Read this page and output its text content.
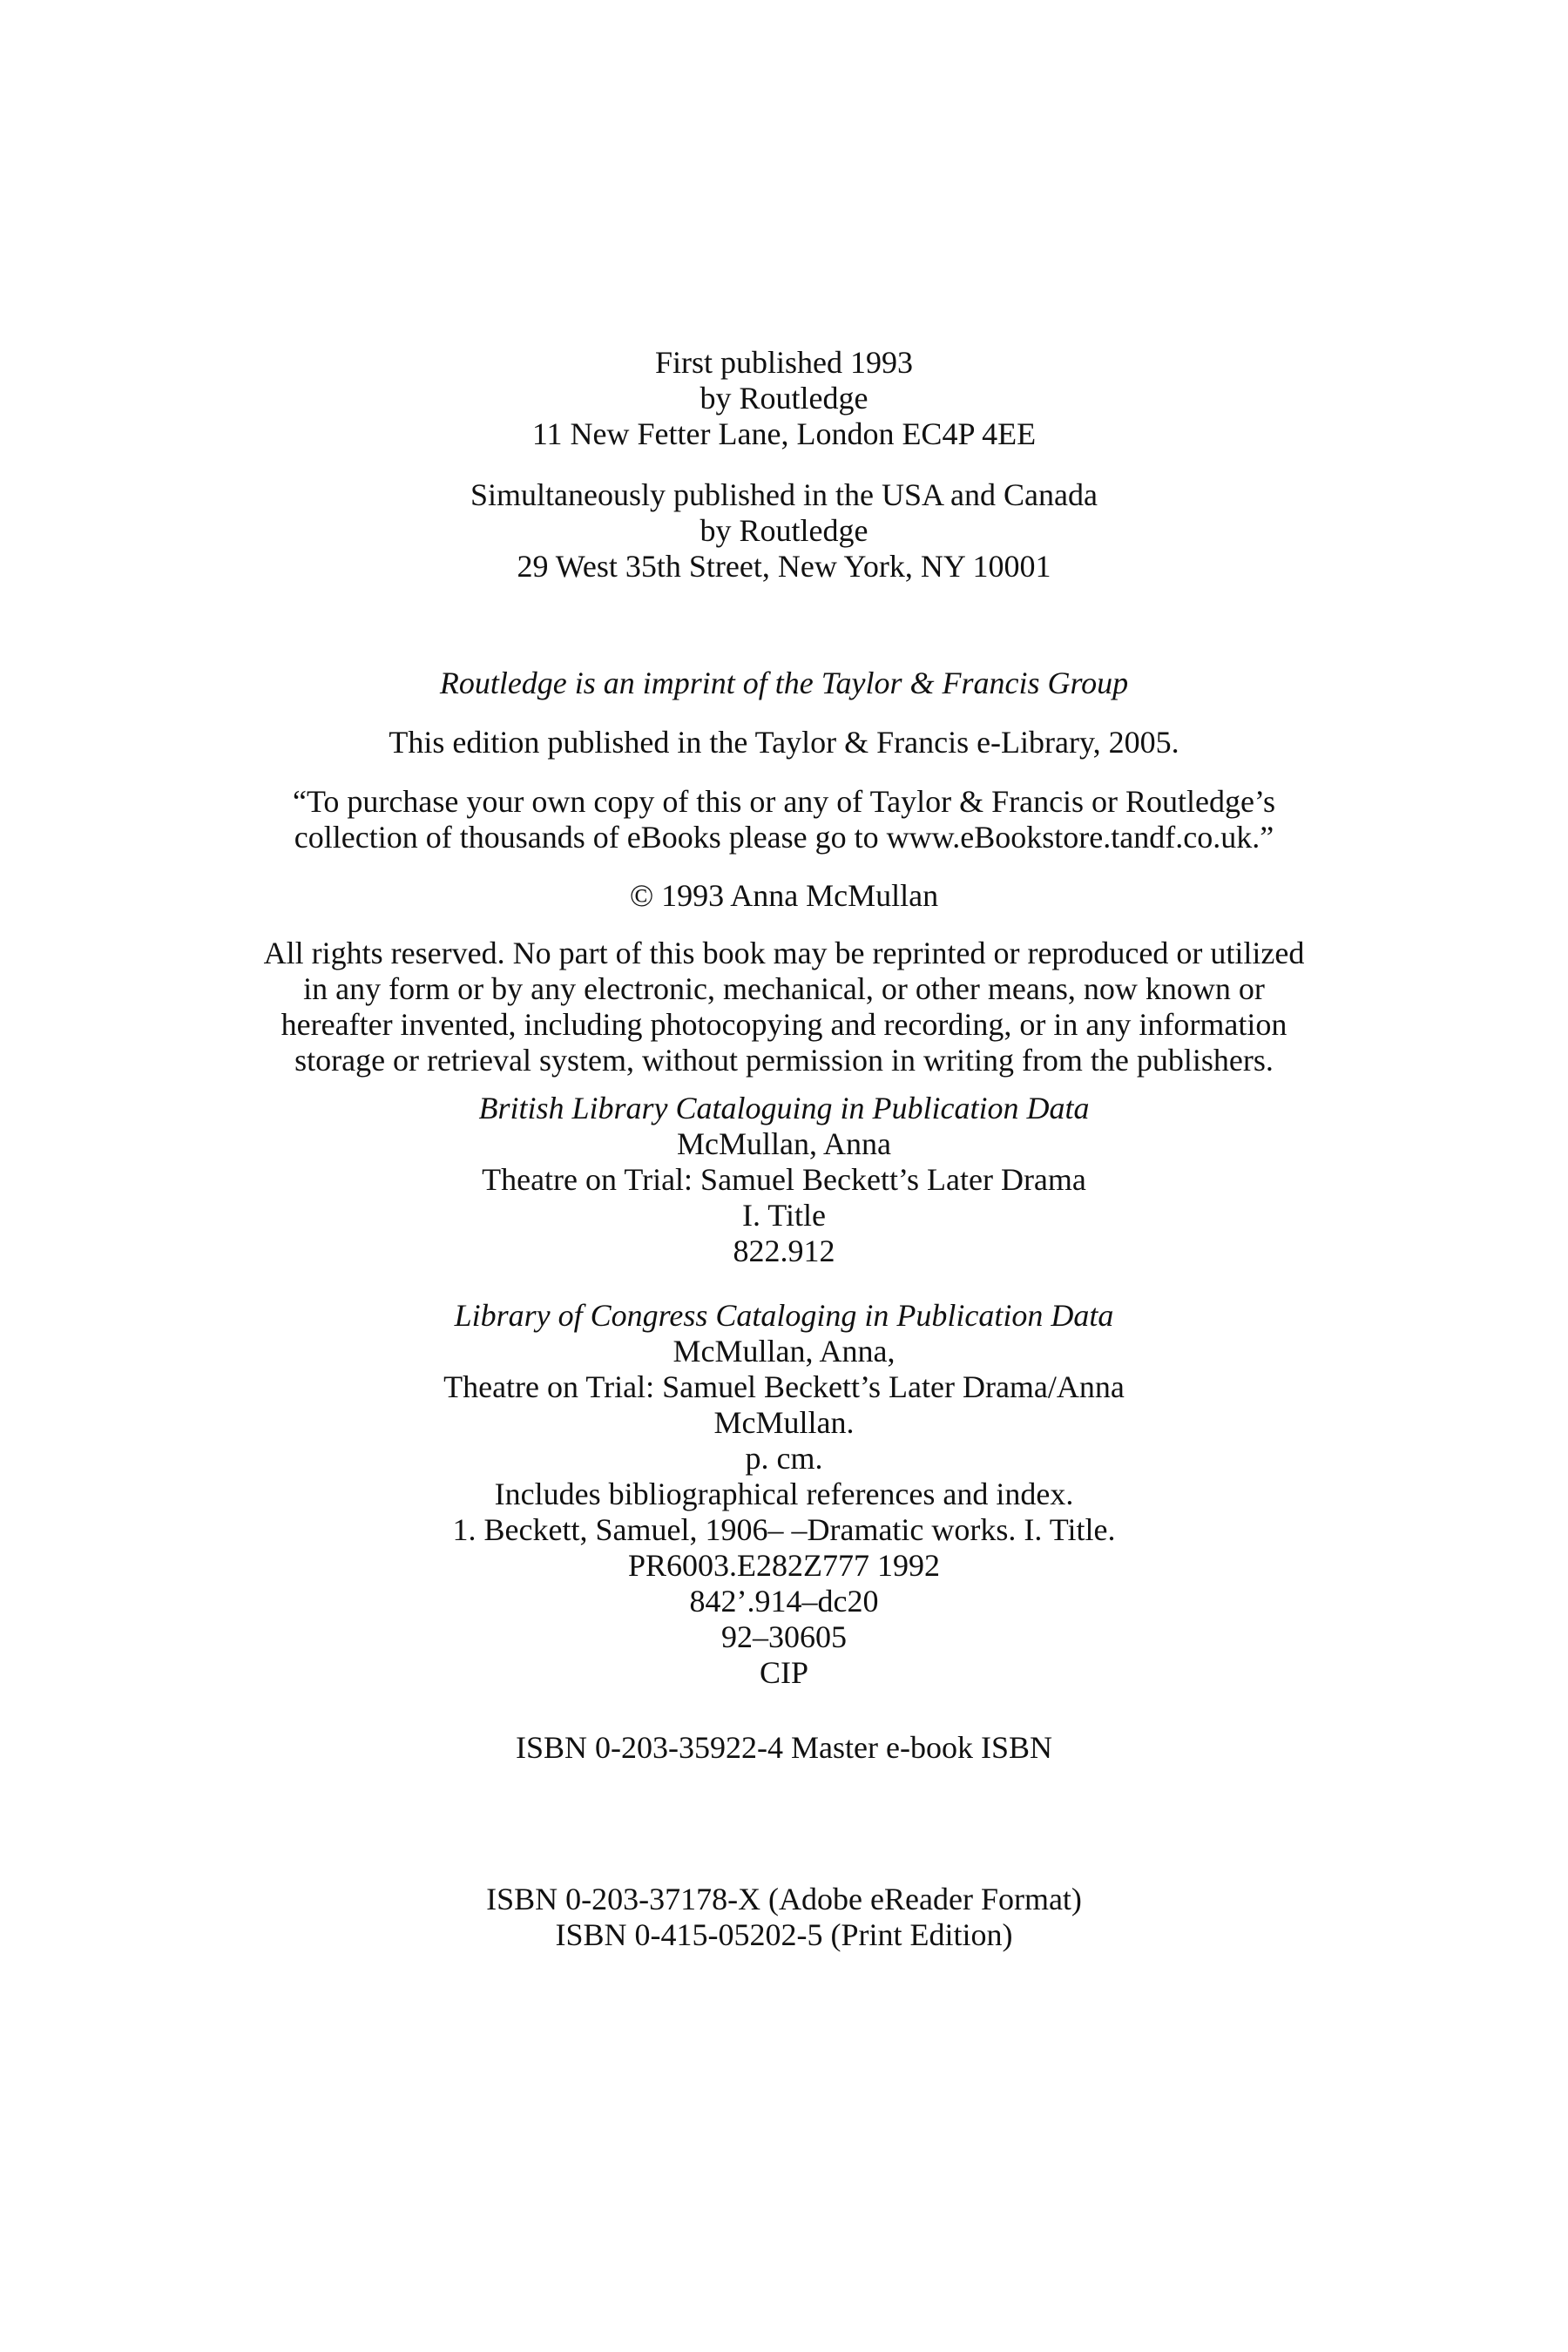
First published 1993
by Routledge
11 New Fetter Lane, London EC4P 4EE
Simultaneously published in the USA and Canada
by Routledge
29 West 35th Street, New York, NY 10001
Routledge is an imprint of the Taylor & Francis Group
This edition published in the Taylor & Francis e-Library, 2005.
“To purchase your own copy of this or any of Taylor & Francis or Routledge’s
collection of thousands of eBooks please go to www.eBookstore.tandf.co.uk.”
© 1993 Anna McMullan
All rights reserved. No part of this book may be reprinted or reproduced or utilized
in any form or by any electronic, mechanical, or other means, now known or
hereafter invented, including photocopying and recording, or in any information
storage or retrieval system, without permission in writing from the publishers.
British Library Cataloguing in Publication Data
McMullan, Anna
Theatre on Trial: Samuel Beckett’s Later Drama
I. Title
822.912
Library of Congress Cataloging in Publication Data
McMullan, Anna,
Theatre on Trial: Samuel Beckett’s Later Drama/Anna
McMullan.
p. cm.
Includes bibliographical references and index.
1. Beckett, Samuel, 1906– –Dramatic works. I. Title.
PR6003.E282Z777 1992
842’.914–dc20
92–30605
CIP
ISBN 0-203-35922-4 Master e-book ISBN
ISBN 0-203-37178-X (Adobe eReader Format)
ISBN 0-415-05202-5 (Print Edition)
